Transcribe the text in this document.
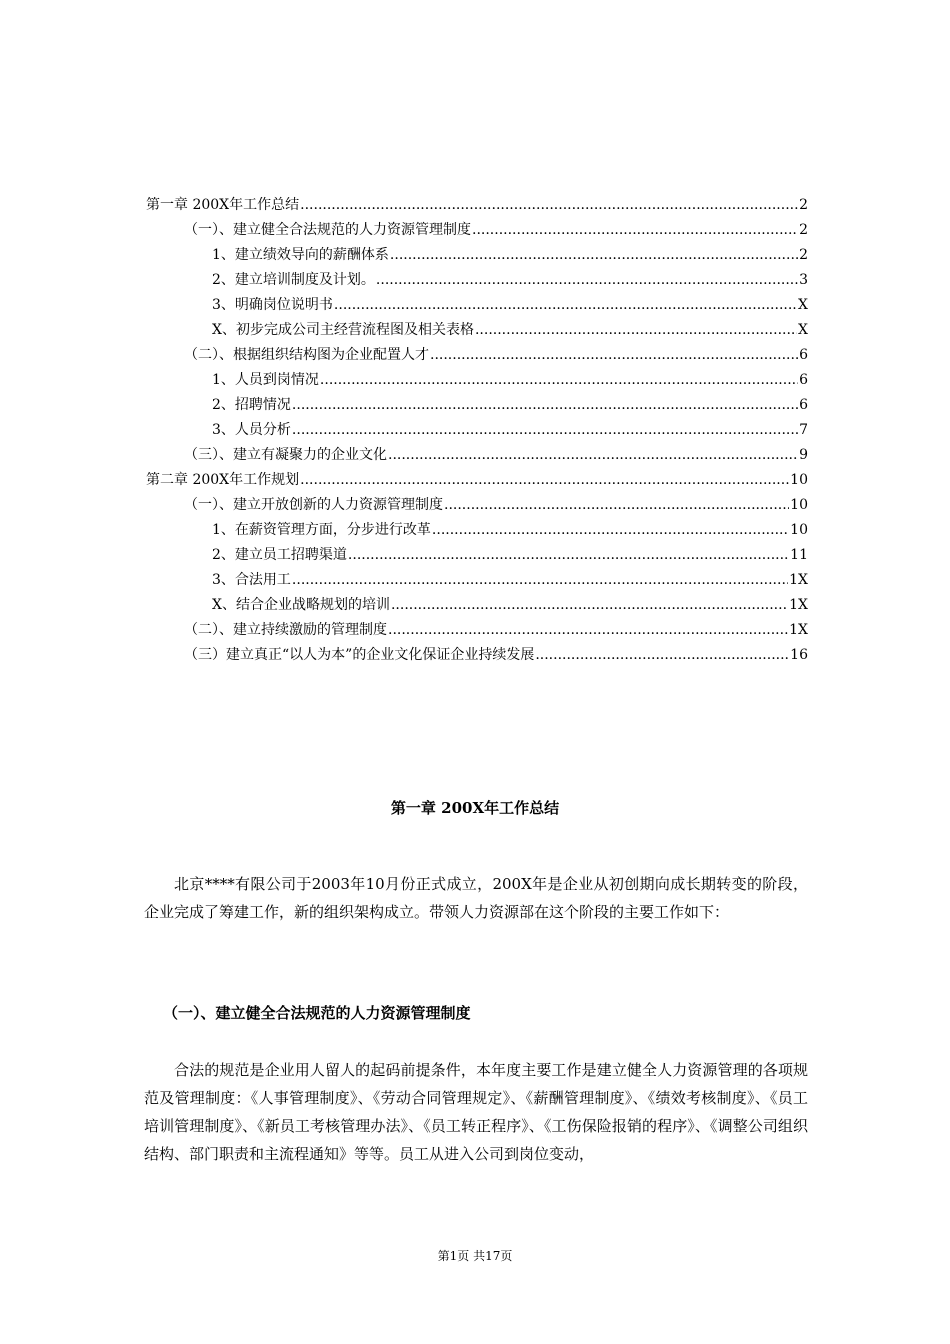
第一章 200X年工作总结 .....	2
（一）、建立健全合法规范的人力资源管理制度 .....	2
1、建立绩效导向的薪酬体系 .....	2
2、建立培训制度及计划。 .....	3
3、明确岗位说明书 .....	X
X、初步完成公司主经营流程图及相关表格 .....	X
（二）、根据组织结构图为企业配置人才 .....	6
1、人员到岗情况 .....	6
2、招聘情况 .....	6
3、人员分析 .....	7
（三）、建立有凝聚力的企业文化 .....	9
第二章 200X年工作规划 .....	10
（一）、建立开放创新的人力资源管理制度 .....	10
1、在薪资管理方面，分步进行改革 .....	10
2、建立员工招聘渠道 .....	11
3、合法用工 .....	1X
X、结合企业战略规划的培训 .....	1X
（二）、建立持续激励的管理制度 .....	1X
（三）建立真正“以人为本”的企业文化保证企业持续发展 .....	16
第一章 200X年工作总结
北京****有限公司于2003年10月份正式成立，200X年是企业从初创期向成长期转变的阶段，企业完成了筹建工作，新的组织架构成立。带领人力资源部在这个阶段的主要工作如下：
（一）、建立健全合法规范的人力资源管理制度
合法的规范是企业用人留人的起码前提条件，本年度主要工作是建立健全人力资源管理的各项规范及管理制度：《人事管理制度》、《劳动合同管理规定》、《薪酬管理制度》、《绩效考核制度》、《员工培训管理制度》、《新员工考核管理办法》、《员工转正程序》、《工伤保险报销的程序》、《调整公司组织结构、部门职责和主流程通知》等等。员工从进入公司到岗位变动，
第1页 共17页
